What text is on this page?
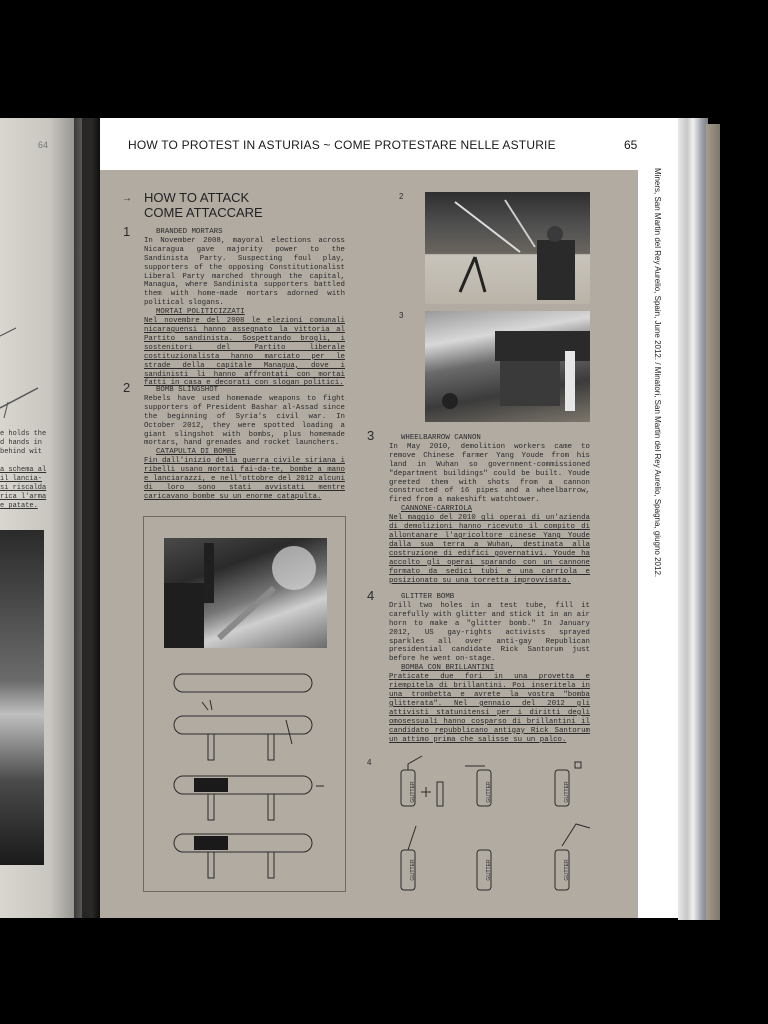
64
e holds the
d hands in
behind wit
a schema al
il lancia-
si riscalda
rica l'arma
e patate.
HOW TO PROTEST IN ASTURIAS ~ COME PROTESTARE NELLE ASTURIE	65
Miners, San Martin del Rey Aurelio, Spain, June 2012. / Minatori, San Martin del Rey Aurelio, Spagna, giugno 2012.
→ HOW TO ATTACK
COME ATTACCARE
1	BRANDED MORTARS

In November 2008, mayoral elections across Nicaragua gave majority power to the Sandinista Party. Suspecting foul play, supporters of the opposing Constitutionalist Liberal Party marched through the capital, Managua, where Sandinista supporters battled them with home-made mortars adorned with political slogans.

MORTAI POLITICIZZATI

Nel novembre del 2008 le elezioni comunali nicaraguensi hanno assegnato la vittoria al Partito sandinista. Sospettando brogli, i sostenitori del Partito liberale costituzionalista hanno marciato per le strade della capitale Managua, dove i sandinisti li hanno affrontati con mortai fatti in casa e decorati con slogan politici.

2	BOMB SLINGSHOT

Rebels have used homemade weapons to fight supporters of President Bashar al-Assad since the beginning of Syria's civil war. In October 2012, they were spotted loading a giant slingshot with bombs, plus homemade mortars, hand grenades and rocket launchers.

CATAPULTA DI BOMBE

Fin dall'inizio della guerra civile siriana i ribelli usano mortai fai-da-te, bombe a mano e lanciarazzi, e nell'ottobre del 2012 alcuni di loro sono stati avvistati mentre caricavano bombe su un enorme catapulta.

3	WHEELBARROW CANNON

In May 2010, demolition workers came to remove Chinese farmer Yang Youde from his land in Wuhan so government-commissioned "department buildings" could be built. Youde greeted them with shots from a cannon constructed of 16 pipes and a wheelbarrow, fired from a makeshift watchtower.

CANNONE-CARRIOLA

Nel maggio del 2010 gli operai di un'azienda di demolizioni hanno ricevuto il compito di allontanare l'agricoltore cinese Yang Youde dalla sua terra a Wuhan, destinata alla costruzione di edifici governativi. Youde ha accolto gli operai sparando con un cannone formato da sedici tubi e una carriola e posizionato su una torretta improvvisata.

4	GLITTER BOMB

Drill two holes in a test tube, fill it carefully with glitter and stick it in an air horn to make a "glitter bomb." In January 2012, US gay-rights activists sprayed sparkles all over anti-gay Republican presidential candidate Rick Santorum just before he went on-stage.

BOMBA CON BRILLANTINI

Praticate due fori in una provetta e riempitela di brillantini. Poi inseritela in una trombetta e avrete la vostra "bomba glitterata". Nel gennaio del 2012 gli attivisti statunitensi per i diritti degli omosessuali hanno cosparso di brillantini il candidato repubblicano antigay Rick Santorum un attimo prima che salisse su un palco.

2
3
4
GLITTER	GLITTER	GLITTER
GLITTER	GLITTER	GLITTER
